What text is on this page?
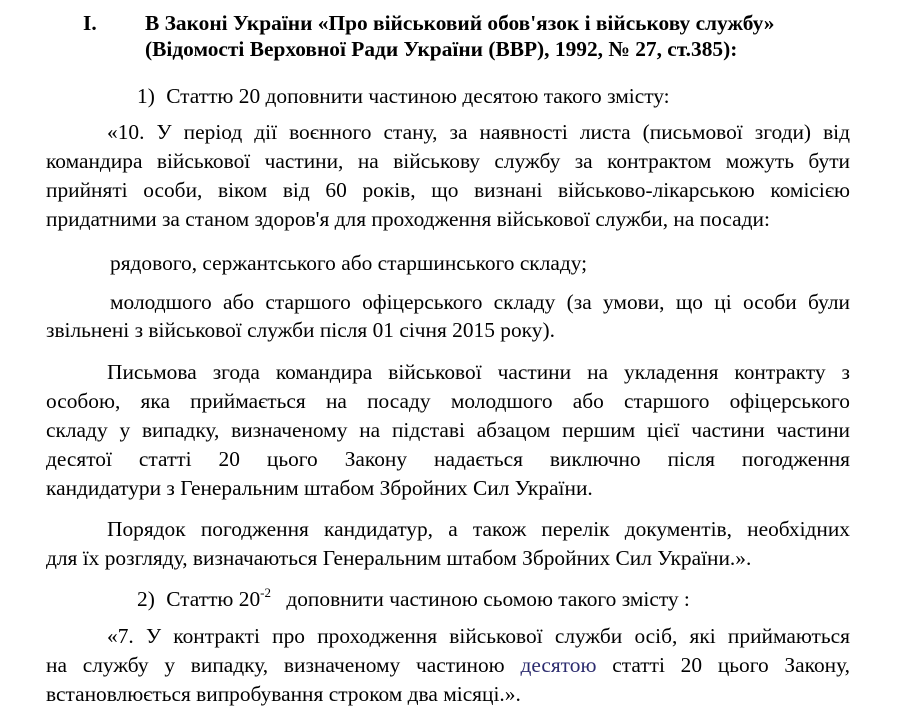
I. В Законі України «Про військовий обов'язок і військову службу»
(Відомості Верховної Ради України (ВВР), 1992, № 27, ст.385):
1) Статтю 20 доповнити частиною десятою такого змісту:
«10. У період дії воєнного стану, за наявності листа (письмової згоди) від
командира військової частини, на військову службу за контрактом можуть бути
прийняті особи, віком від 60 років, що визнані військово-лікарською комісією
придатними за станом здоров'я для проходження військової служби, на посади:
рядового, сержантського або старшинського складу;
молодшого або старшого офіцерського складу (за умови, що ці особи були
звільнені з військової служби після 01 січня 2015 року).
Письмова згода командира військової частини на укладення контракту з
особою, яка приймається на посаду молодшого або старшого офіцерського
складу у випадку, визначеному на підставі абзацом першим цієї частини частини
десятої статті 20 цього Закону надається виключно після погодження
кандидатури з Генеральним штабом Збройних Сил України.
Порядок погодження кандидатур, а також перелік документів, необхідних
для їх розгляду, визначаються Генеральним штабом Збройних Сил України.».
2) Статтю $20^{-2}$ доповнити частиною сьомою такого змісту :
«7. У контракті про проходження військової служби осіб, які приймаються
на службу у випадку, визначеному частиною десятою статті 20 цього Закону,
встановлюється випробування строком два місяці.».
